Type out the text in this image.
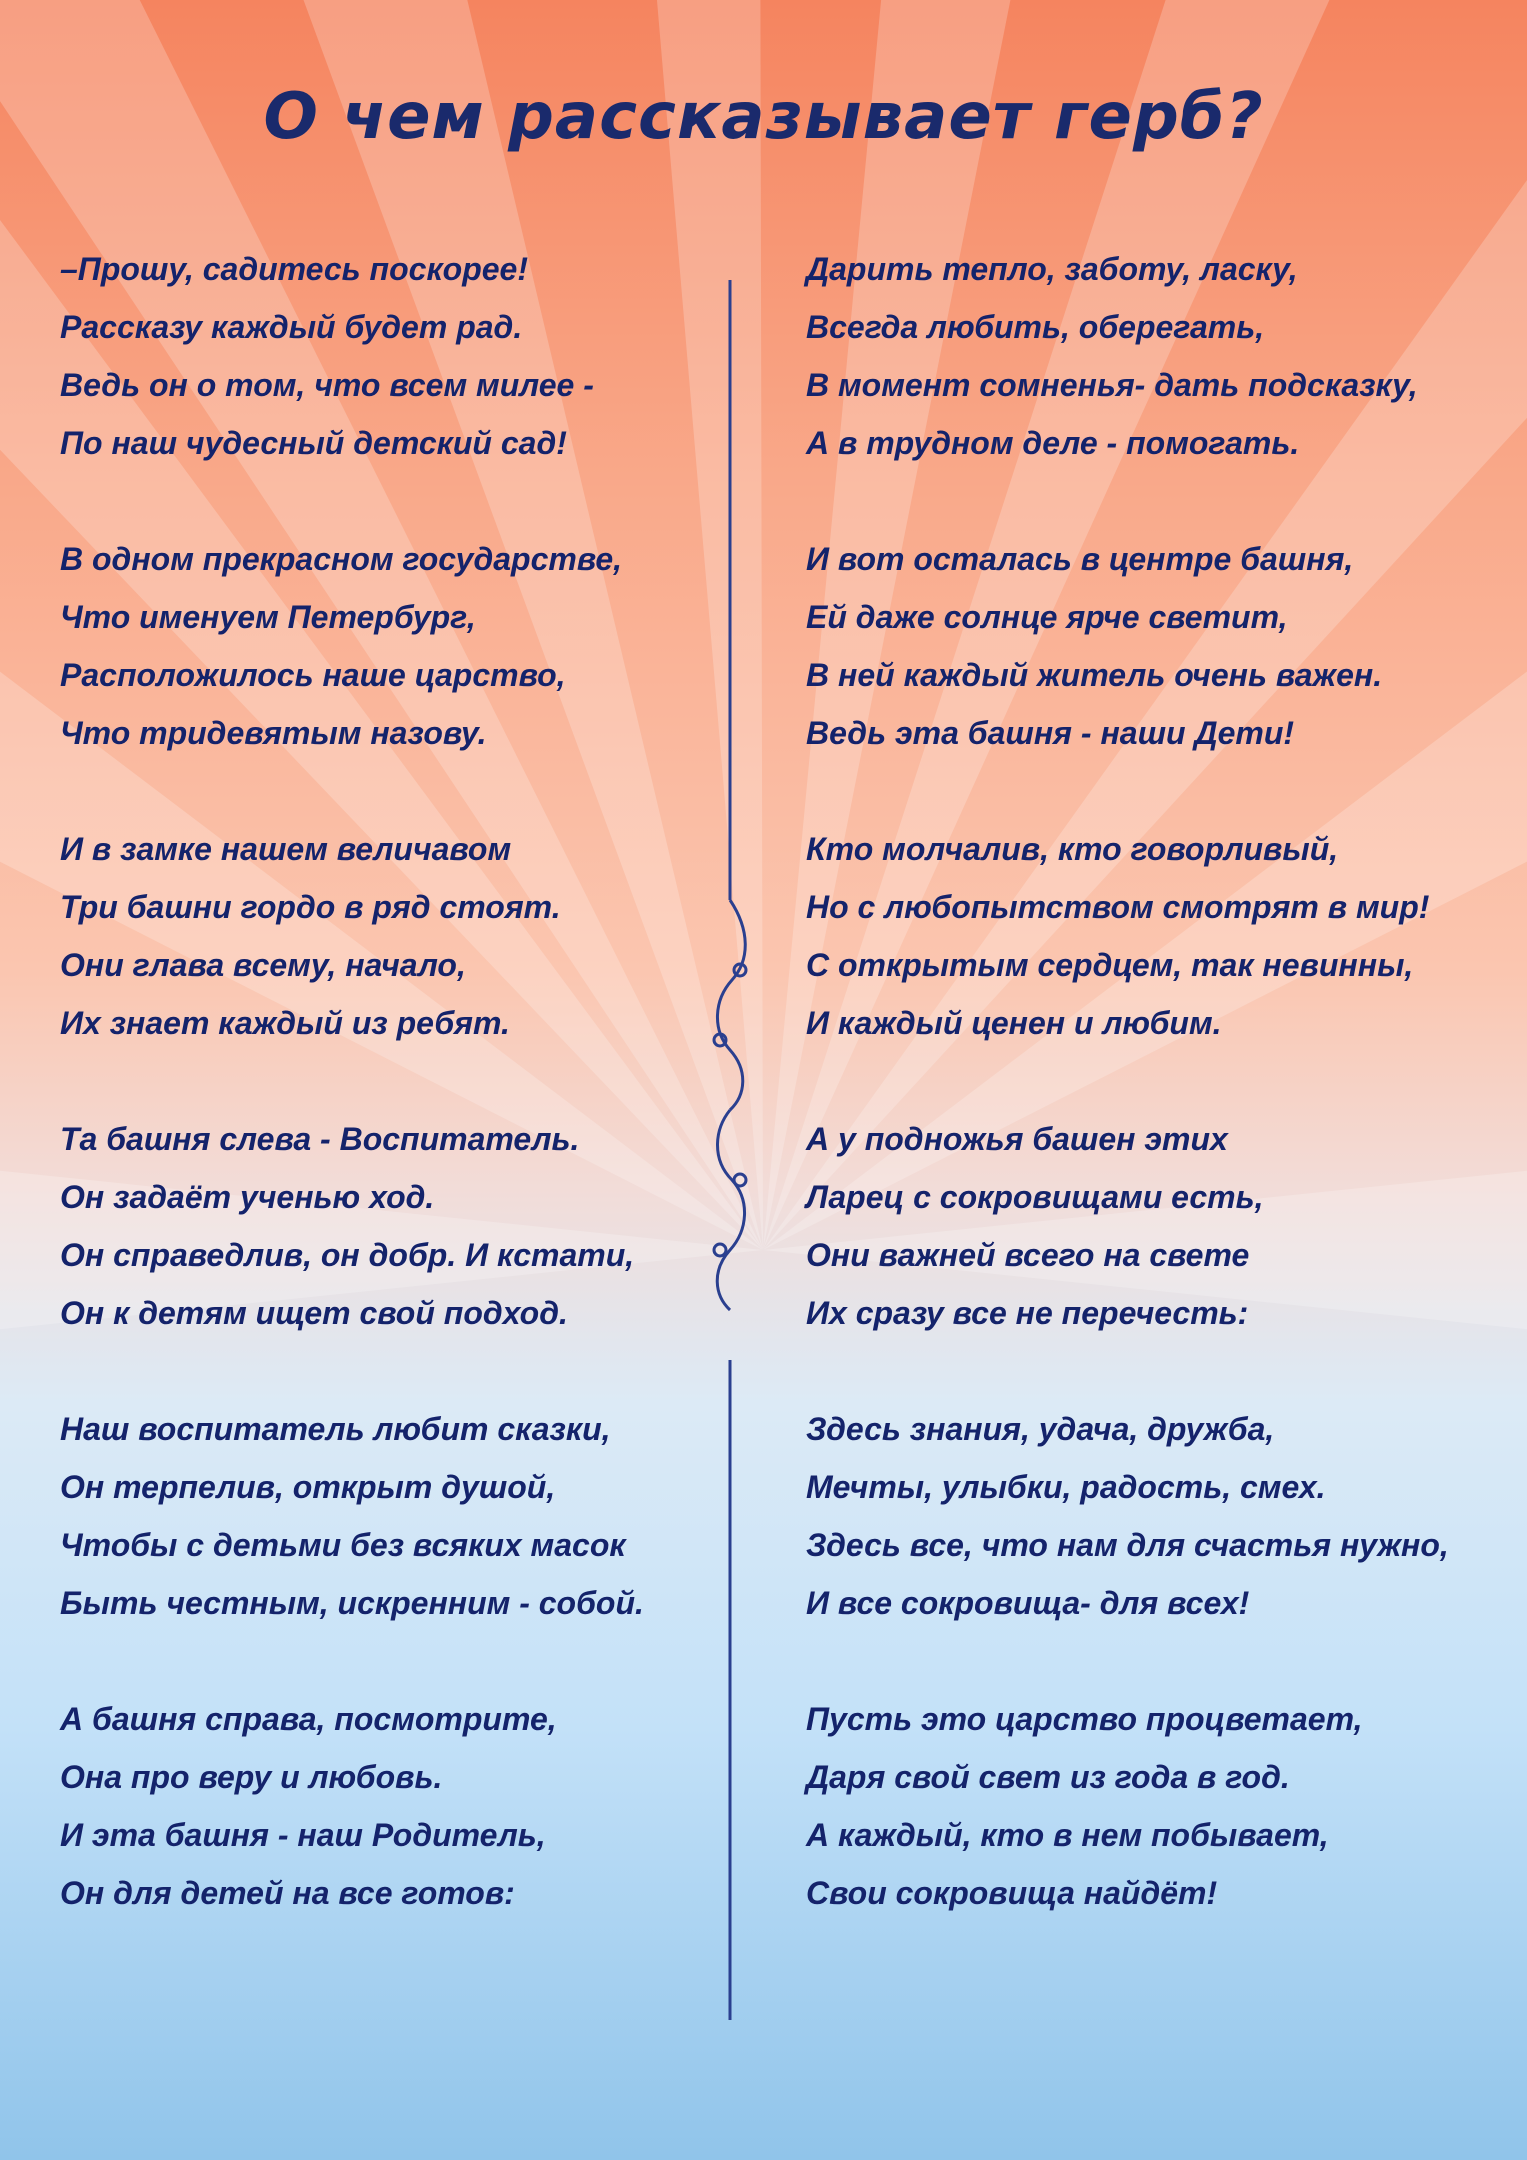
О чем рассказывает герб?
–Прошу, садитесь поскорее!
Рассказу каждый будет рад.
Ведь он о том, что всем милее -
По наш чудесный детский сад!
В одном прекрасном государстве,
Что именуем Петербург,
Расположилось наше царство,
Что тридевятым назову.
И в замке нашем величавом
Три башни гордо в ряд стоят.
Они глава всему, начало,
Их знает каждый из ребят.
Та башня слева - Воспитатель.
Он задаёт ученью ход.
Он справедлив, он добр. И кстати,
Он к детям ищет свой подход.
Наш воспитатель любит сказки,
Он терпелив, открыт душой,
Чтобы с детьми без всяких масок
Быть честным, искренним - собой.
А башня справа, посмотрите,
Она про веру и любовь.
И эта башня - наш Родитель,
Он для детей на все готов:
Дарить тепло, заботу, ласку,
Всегда любить, оберегать,
В момент сомненья- дать подсказку,
А в трудном деле - помогать.
И вот осталась в центре башня,
Ей даже солнце ярче светит,
В ней каждый житель очень важен.
Ведь эта башня - наши Дети!
Кто молчалив, кто говорливый,
Но с любопытством смотрят в мир!
С открытым сердцем, так невинны,
И каждый ценен и любим.
А у подножья башен этих
Ларец с сокровищами есть,
Они важней всего на свете
Их сразу все не перечесть:
Здесь знания, удача, дружба,
Мечты, улыбки, радость, смех.
Здесь все, что нам для счастья нужно,
И все сокровища- для всех!
Пусть это царство процветает,
Даря свой свет из года в год.
А каждый, кто в нем побывает,
Свои сокровища найдёт!
